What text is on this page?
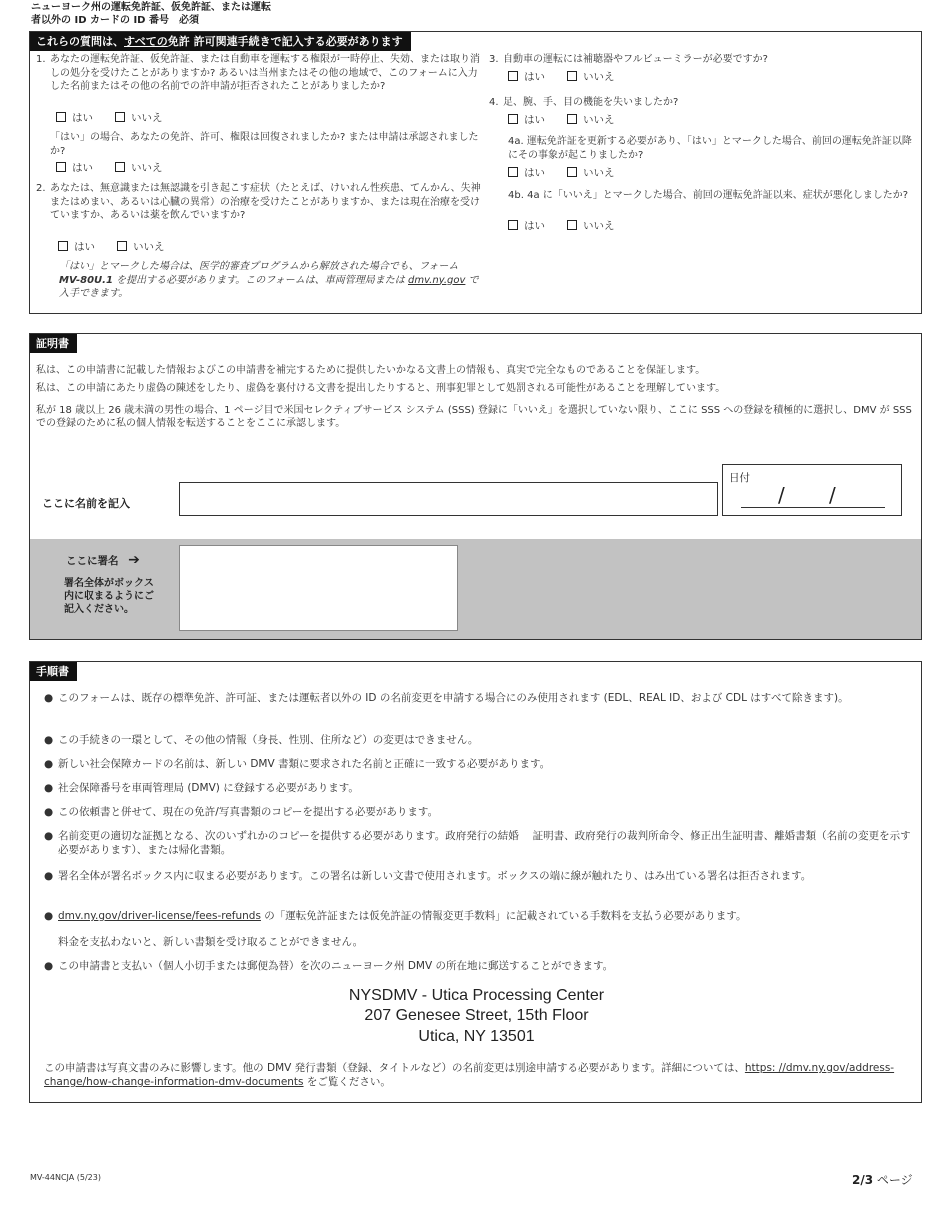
ニューヨーク州の運転免許証、仮免許証、または運転
者以外の ID カードの ID 番号　必須
これらの質問は、すべての免許 許可関連手続きで記入する必要があります
1. あなたの運転免許証、仮免許証、または自動車を運転する権限が一時停止、失効、または取り消しの処分を受けたことがありますか? あるいは当州またはその他の地域で、このフォームに入力した名前またはその他の名前での許申請が拒否されたことがありましたか?
はい	いいえ
「はい」の場合、あなたの免許、許可、権限は回復されましたか? または申請は承認されましたか?
はい	いいえ
2. あなたは、無意識または無認識を引き起こす症状（たとえば、けいれん性疾患、てんかん、失神またはめまい、あるいは心臓の異常）の治療を受けたことがありますか、または現在治療を受けていますか、あるいは薬を飲んでいますか?
はい	いいえ
「はい」とマークした場合は、医学的審査プログラムから解放された場合でも、フォーム MV-80U.1 を提出する必要があります。このフォームは、車両管理局または dmv.ny.gov で入手できます。
3. 自動車の運転には補聴器やフルビューミラーが必要ですか?
はい	いいえ
4. 足、腕、手、目の機能を失いましたか?
はい	いいえ
4a. 運転免許証を更新する必要があり、「はい」とマークした場合、前回の運転免許証以降にその事象が起こりましたか?
はい	いいえ
4b. 4a に「いいえ」とマークした場合、前回の運転免許証以来、症状が悪化しましたか?
はい	いいえ
証明書
私は、この申請書に記載した情報およびこの申請書を補完するために提供したいかなる文書上の情報も、真実で完全なものであることを保証します。
私は、この申請にあたり虚偽の陳述をしたり、虚偽を裏付ける文書を提出したりすると、刑事犯罪として処罰される可能性があることを理解しています。
私が 18 歳以上 26 歳未満の男性の場合、1 ページ目で米国セレクティブサービス システム (SSS) 登録に「いいえ」を選択していない限り、ここに SSS への登録を積極的に選択し、DMV が SSS での登録のために私の個人情報を転送することをここに承認します。
ここに名前を記入
日付
/ /
ここに署名 ➔
署名全体がボックス内に収まるようにご記入ください。
手順書
● このフォームは、既存の標準免許、許可証、または運転者以外の ID の名前変更を申請する場合にのみ使用されます (EDL、REAL ID、および CDL はすべて除きます)。
● この手続きの一環として、その他の情報（身長、性別、住所など）の変更はできません。
● 新しい社会保障カードの名前は、新しい DMV 書類に要求された名前と正確に一致する必要があります。
● 社会保障番号を車両管理局 (DMV) に登録する必要があります。
● この依頼書と併せて、現在の免許/写真書類のコピーを提出する必要があります。
● 名前変更の適切な証拠となる、次のいずれかのコピーを提供する必要があります。政府発行の結婚　 証明書、政府発行の裁判所命令、修正出生証明書、離婚書類（名前の変更を示す必要があります）、または帰化書類。
● 署名全体が署名ボックス内に収まる必要があります。この署名は新しい文書で使用されます。ボックスの端に線が触れたり、はみ出ている署名は拒否されます。
● dmv.ny.gov/driver-license/fees-refunds の「運転免許証または仮免許証の情報変更手数料」に記載されている手数料を支払う必要があります。
料金を支払わないと、新しい書類を受け取ることができません。
● この申請書と支払い（個人小切手または郵便為替）を次のニューヨーク州 DMV の所在地に郵送することができます。
NYSDMV - Utica Processing Center
207 Genesee Street, 15th Floor
Utica, NY 13501
この申請書は写真文書のみに影響します。他の DMV 発行書類（登録、タイトルなど）の名前変更は別途申請する必要があります。詳細については、https: //dmv.ny.gov/address-change/how-change-information-dmv-documents をご覧ください。
MV-44NCJA (5/23)	2/3 ページ
